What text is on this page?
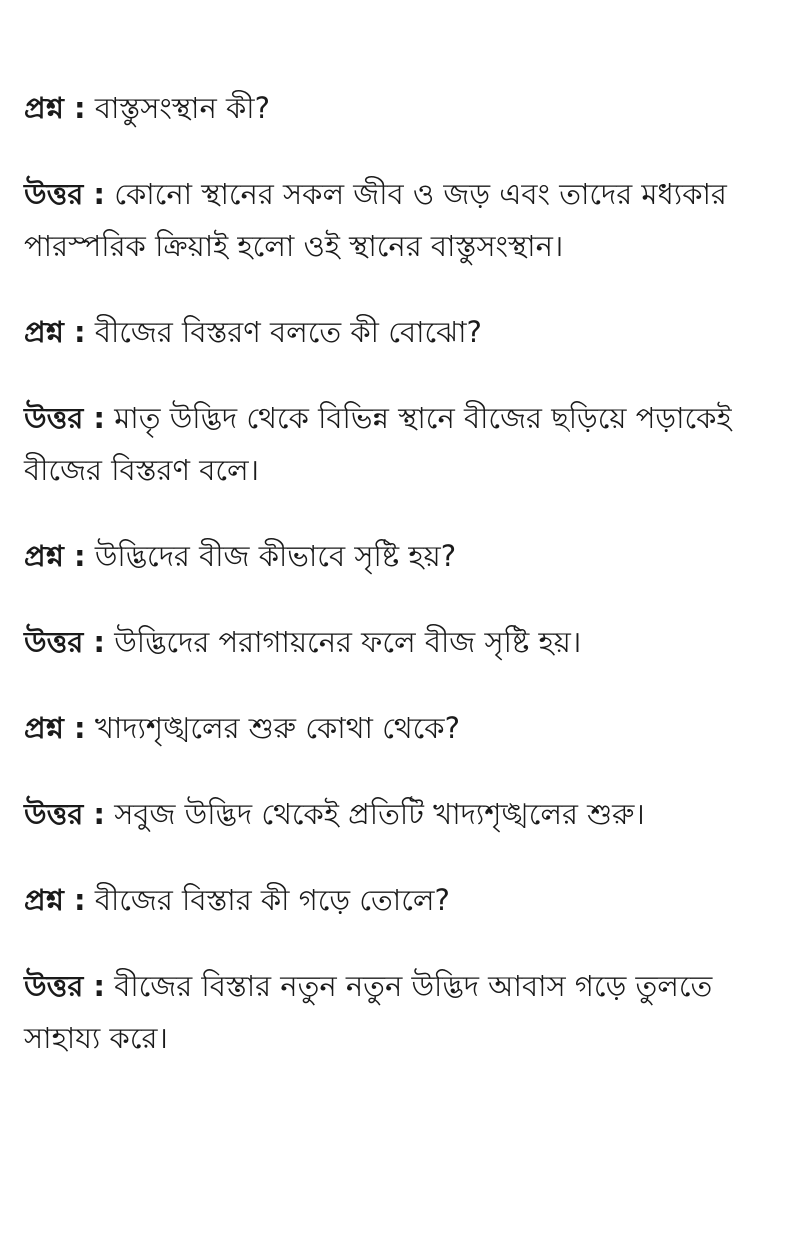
প্রশ্ন : বাস্তুসংস্থান কী?

উত্তর : কোনো স্থানের সকল জীব ও জড় এবং তাদের মধ্যকার পারস্পরিক ক্রিয়াই হলো ওই স্থানের বাস্তুসংস্থান।

প্রশ্ন : বীজের বিস্তরণ বলতে কী বোঝো?

উত্তর : মাতৃ উদ্ভিদ থেকে বিভিন্ন স্থানে বীজের ছড়িয়ে পড়াকেই বীজের বিস্তরণ বলে।

প্রশ্ন : উদ্ভিদের বীজ কীভাবে সৃষ্টি হয়?

উত্তর : উদ্ভিদের পরাগায়নের ফলে বীজ সৃষ্টি হয়।

প্রশ্ন : খাদ্যশৃঙ্খলের শুরু কোথা থেকে?

উত্তর : সবুজ উদ্ভিদ থেকেই প্রতিটি খাদ্যশৃঙ্খলের শুরু।

প্রশ্ন : বীজের বিস্তার কী গড়ে তোলে?

উত্তর : বীজের বিস্তার নতুন নতুন উদ্ভিদ আবাস গড়ে তুলতে সাহায্য করে।
